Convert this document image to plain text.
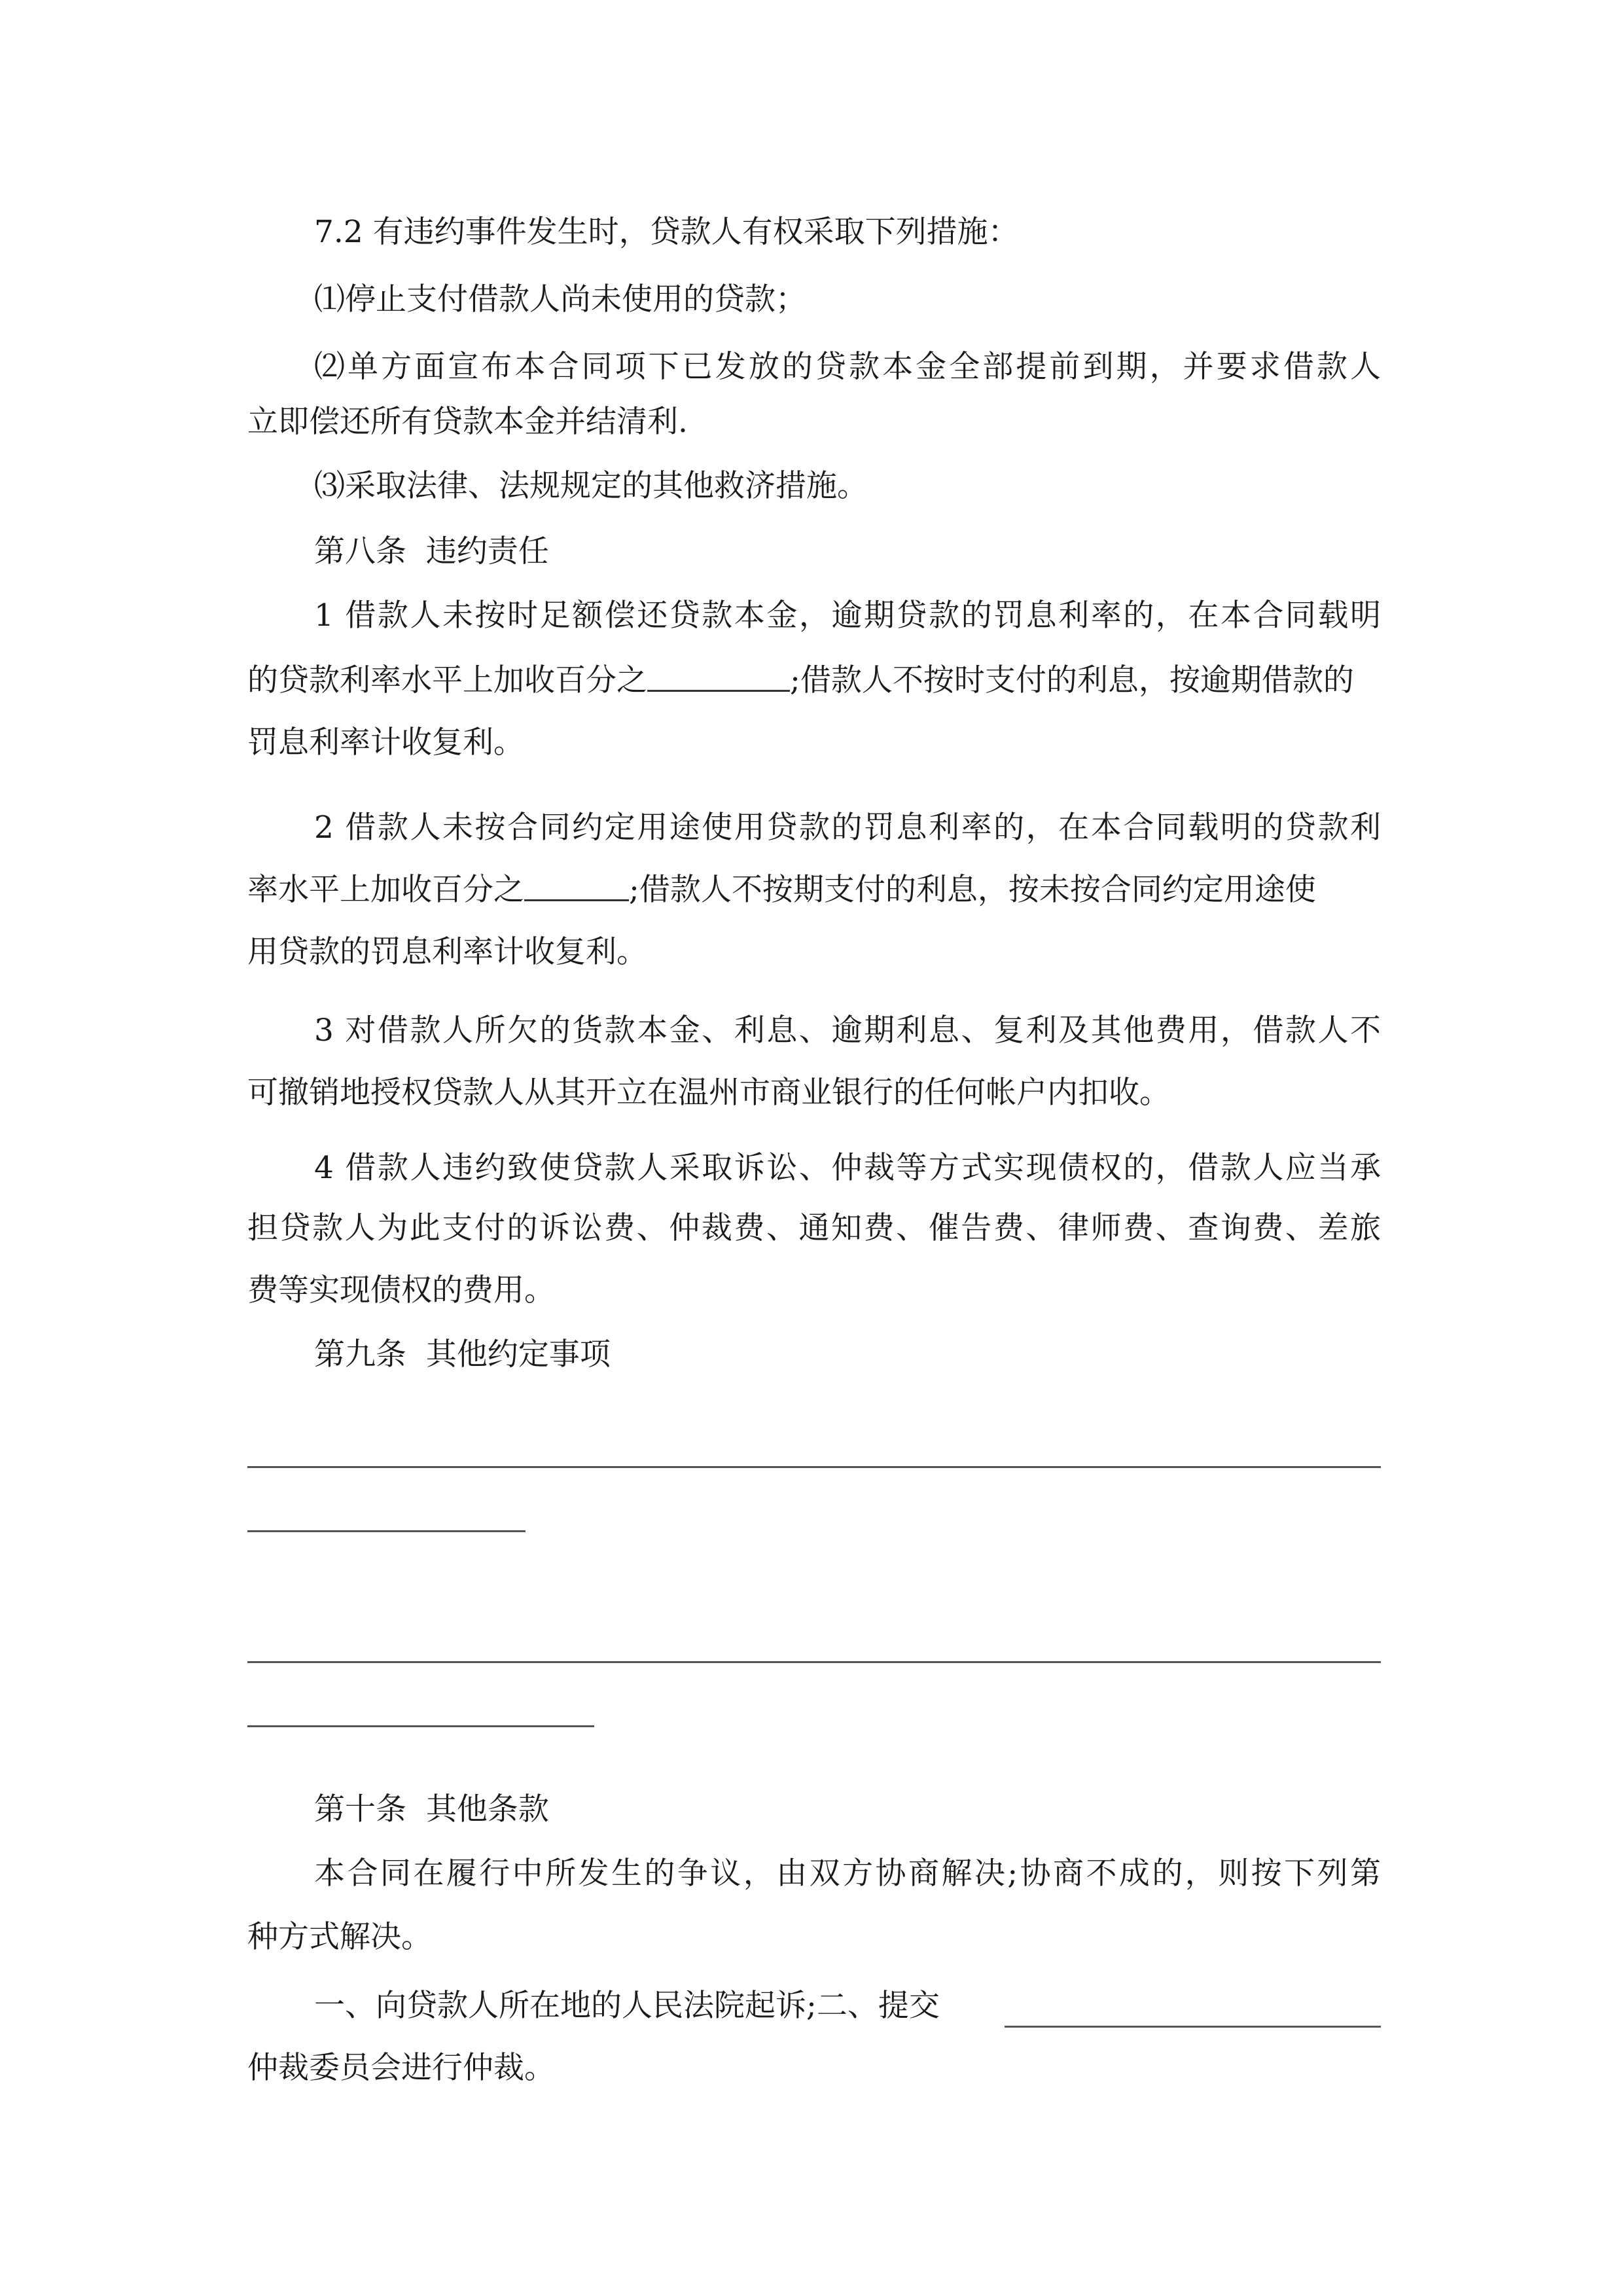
7.2 有违约事件发生时，贷款人有权采取下列措施：
⑴停止支付借款人尚未使用的贷款；
⑵单方面宣布本合同项下已发放的贷款本金全部提前到期，并要求借款人
立即偿还所有贷款本金并结清利.
⑶采取法律、法规规定的其他救济措施。
第八条  违约责任
1 借款人未按时足额偿还贷款本金，逾期贷款的罚息利率的，在本合同载明
的贷款利率水平上加收百分之	;借款人不按时支付的利息，按逾期借款的
罚息利率计收复利。
2 借款人未按合同约定用途使用贷款的罚息利率的，在本合同载明的贷款利
率水平上加收百分之	;借款人不按期支付的利息，按未按合同约定用途使
用贷款的罚息利率计收复利。
3 对借款人所欠的货款本金、利息、逾期利息、复利及其他费用，借款人不
可撤销地授权贷款人从其开立在温州市商业银行的任何帐户内扣收。
4 借款人违约致使贷款人采取诉讼、仲裁等方式实现债权的，借款人应当承
担贷款人为此支付的诉讼费、仲裁费、通知费、催告费、律师费、查询费、差旅
费等实现债权的费用。
第九条  其他约定事项
第十条  其他条款
本合同在履行中所发生的争议，由双方协商解决;协商不成的，则按下列第
种方式解决。
一、向贷款人所在地的人民法院起诉;二、提交
仲裁委员会进行仲裁。
